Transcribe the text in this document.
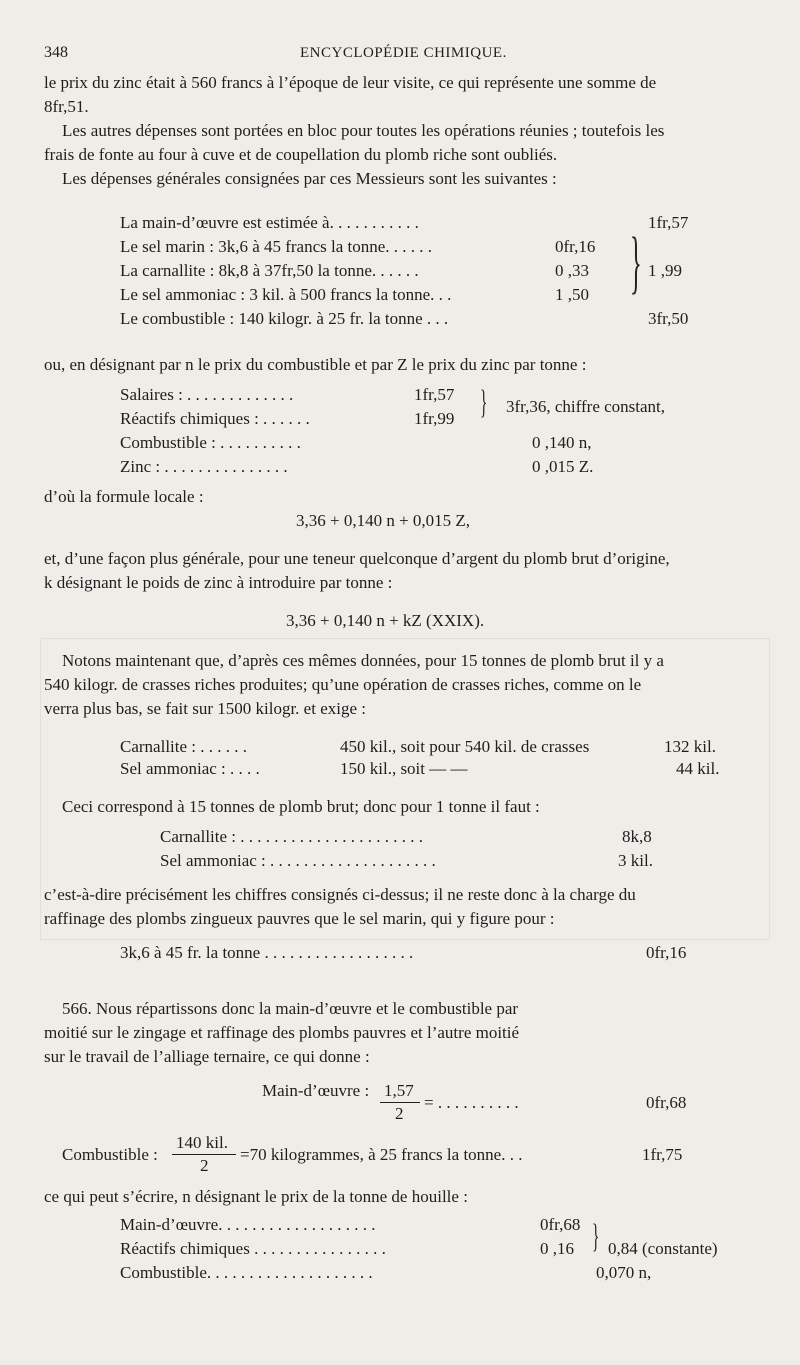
348	ENCYCLOPÉDIE CHIMIQUE.
le prix du zinc était à 560 francs à l’époque de leur visite, ce qui représente une somme de
8fr,51.
Les autres dépenses sont portées en bloc pour toutes les opérations réunies ; toutefois les
frais de fonte au four à cuve et de coupellation du plomb riche sont oubliés.
Les dépenses générales consignées par ces Messieurs sont les suivantes :
La main-d’œuvre est estimée à. . . . . . . . . . .	1fr,57
Le sel marin : 3k,6 à 45 francs la tonne. . . . . .	0fr,16
La carnallite : 8k,8 à 37fr,50 la tonne. . . . . .	0 ,33
Le sel ammoniac : 3 kil. à 500 francs la tonne. . .	1 ,50
Le combustible : 140 kilogr. à 25 fr. la tonne . . .	3fr,50
} 1 ,99
ou, en désignant par n le prix du combustible et par Z le prix du zinc par tonne :
Salaires : . . . . . . . . . . . . .	1fr,57
Réactifs chimiques : . . . . . .	1fr,99 } 3fr,36, chiffre constant,
Combustible : . . . . . . . . . .	0 ,140 n,
Zinc : . . . . . . . . . . . . . . .	0 ,015 Z.
d’où la formule locale :
3,36 + 0,140 n + 0,015 Z,
et, d’une façon plus générale, pour une teneur quelconque d’argent du plomb brut d’origine,
k désignant le poids de zinc à introduire par tonne :
3,36 + 0,140 n + kZ (XXIX).
Notons maintenant que, d’après ces mêmes données, pour 15 tonnes de plomb brut il y a
540 kilogr. de crasses riches produites; qu’une opération de crasses riches, comme on le
verra plus bas, se fait sur 1500 kilogr. et exige :
Carnallite : . . . . . .	450 kil., soit pour 540 kil. de crasses	132 kil.
Sel ammoniac : . . . .	150 kil., soit — —	44 kil.
Ceci correspond à 15 tonnes de plomb brut; donc pour 1 tonne il faut :
Carnallite : . . . . . . . . . . . . . . . . . . . . . .	8k,8
Sel ammoniac : . . . . . . . . . . . . . . . . . . . .	3 kil.
c’est-à-dire précisément les chiffres consignés ci-dessus; il ne reste donc à la charge du
raffinage des plombs zingueux pauvres que le sel marin, qui y figure pour :
3k,6 à 45 fr. la tonne . . . . . . . . . . . . . . . . . .	0fr,16
566. Nous répartissons donc la main-d’œuvre et le combustible par
moitié sur le zingage et raffinage des plombs pauvres et l’autre moitié
sur le travail de l’alliage ternaire, ce qui donne :
Main-d’œuvre : 1,57
2
= . . . . . . . . . .	0fr,68
Combustible :
140 kil.
2
=70 kilogrammes, à 25 francs la tonne. . .	1fr,75
ce qui peut s’écrire, n désignant le prix de la tonne de houille :
Main-d’œuvre. . . . . . . . . . . . . . . . . . .	0fr,68
Réactifs chimiques . . . . . . . . . . . . . . . .	0 ,16 } 0,84 (constante)
Combustible. . . . . . . . . . . . . . . . . . . .	0,070 n,
